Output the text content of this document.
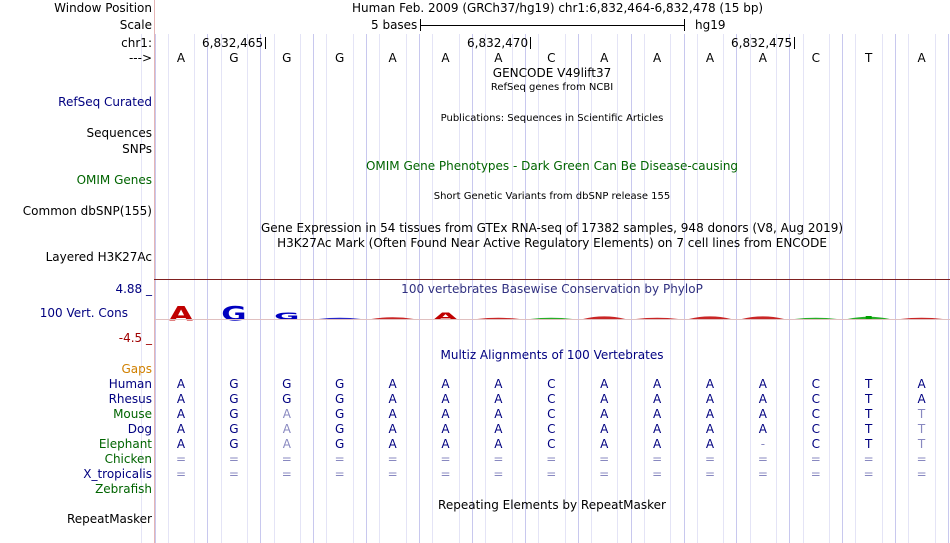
Window Position	Human Feb. 2009 (GRCh37/hg19) chr1:6,832,464-6,832,478 (15 bp)
Scale	5 bases	hg19
chr1:	6,832,465	6,832,470	6,832,475
--->	A	G	G	G	A	A	A	C	A	A	A	A	C	T	A
GENCODE V49lift37
RefSeq genes from NCBI
RefSeq Curated
Publications: Sequences in Scientific Articles
Sequences
SNPs
OMIM Gene Phenotypes - Dark Green Can Be Disease-causing
OMIM Genes
Short Genetic Variants from dbSNP release 155
Common dbSNP(155)
Gene Expression in 54 tissues from GTEx RNA-seq of 17382 samples, 948 donors (V8, Aug 2019)
H3K27Ac Mark (Often Found Near Active Regulatory Elements) on 7 cell lines from ENCODE
Layered H3K27Ac
4.88 _	100 vertebrates Basewise Conservation by PhyloP
100 Vert. Cons	A G G	A
-4.5 _
Multiz Alignments of 100 Vertebrates
Gaps
Human	A	G	G	G	A	A	A	C	A	A	A	A	C	T	A
Rhesus	A	G	G	G	A	A	A	C	A	A	A	A	C	T	A
Mouse	A	G	A	G	A	A	A	C	A	A	A	A	C	T	T
Dog	A	G	A	G	A	A	A	C	A	A	A	A	C	T	T
Elephant	A	G	A	G	A	A	A	C	A	A	A	-	C	T	T
Chicken	=	=	=	=	=	=	=	=	=	=	=	=	=	=	=
X_tropicalis	=	=	=	=	=	=	=	=	=	=	=	=	=	=	=
Zebrafish
Repeating Elements by RepeatMasker
RepeatMasker
